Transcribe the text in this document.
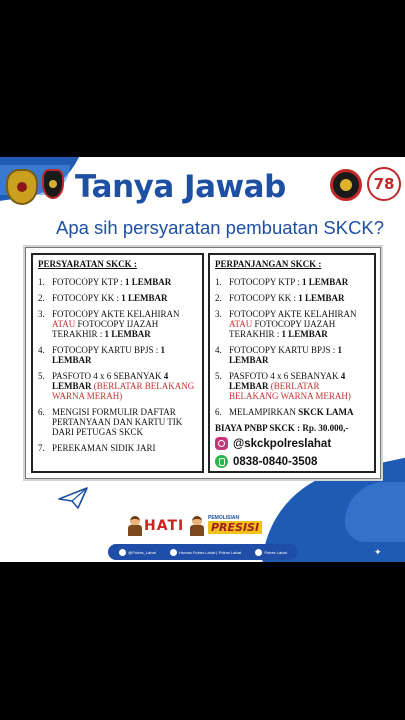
78
Tanya Jawab
Apa sih persyaratan pembuatan SKCK?
PERSYARATAN SKCK :
1. FOTOCOPY KTP : 1 LEMBAR
2. FOTOCOPY KK : 1 LEMBAR
3. FOTOCOPY AKTE KELAHIRAN
ATAU FOTOCOPY IJAZAH TERAKHIR : 1 LEMBAR
4. FOTOCOPY KARTU BPJS : 1 LEMBAR
5. PASFOTO 4 x 6 SEBANYAK 4 LEMBAR (BERLATAR BELAKANG WARNA MERAH)
6. MENGISI FORMULIR DAFTAR PERTANYAAN DAN KARTU TIK DARI PETUGAS SKCK
7. PEREKAMAN SIDIK JARI
PERPANJANGAN SKCK :
1. FOTOCOPY KTP : 1 LEMBAR
2. FOTOCOPY KK : 1 LEMBAR
3. FOTOCOPY AKTE KELAHIRAN
ATAU FOTOCOPY IJAZAH TERAKHIR : 1 LEMBAR
4. FOTOCOPY KARTU BPJS : 1 LEMBAR
5. PASFOTO 4 x 6 SEBANYAK 4 LEMBAR (BERLATAR BELAKANG WARNA MERAH)
6. MELAMPIRKAN SKCK LAMA
BIAYA PNBP SKCK : Rp. 30.000,-
@skckpolreslahat
0838-0840-3508
HATI	PEMOLISIAN
PRESISI
@Polres_Lahat	Humas Polres Lahat | Polres Lahat	Polres Lahat	✦
